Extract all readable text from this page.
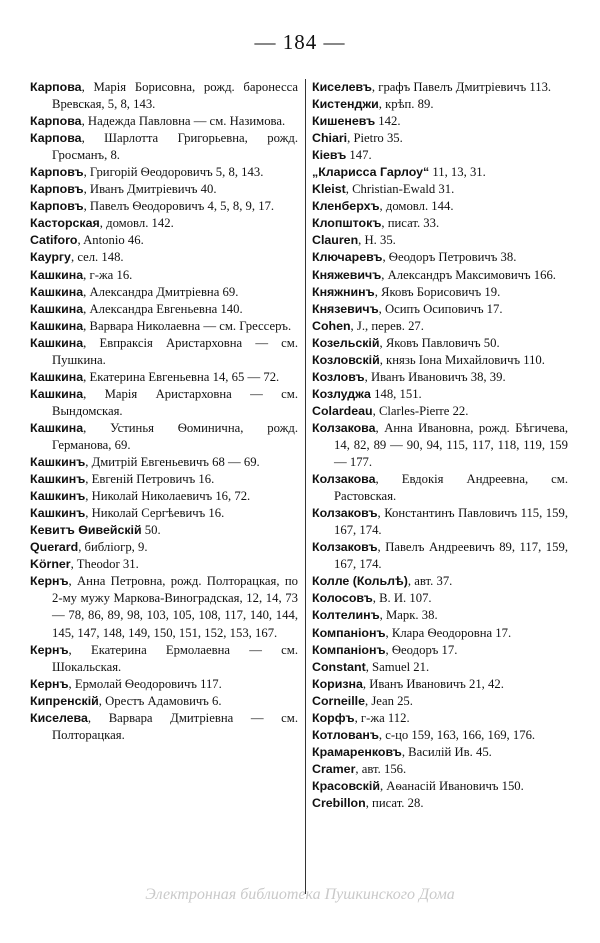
— 184 —

Карпова, Марія Борисовна, рожд. баронесса Вревская, 5, 8, 143.

Карпова, Надежда Павловна — см. Назимова.

Карпова, Шарлотта Григорьевна, рожд. Гросманъ, 8.

Карповъ, Григорій Ѳеодоровичъ 5, 8, 143.

Карповъ, Иванъ Дмитріевичъ 40.

Карповъ, Павелъ Ѳеодоровичъ 4, 5, 8, 9, 17.

Касторская, домовл. 142.

Catiforo, Antonio 46.

Каургу, сел. 148.

Кашкина, г-жа 16.

Кашкина, Александра Дмитріевна 69.

Кашкина, Александра Евгеньевна 140.

Кашкина, Варвара Николаевна — см. Грессеръ.

Кашкина, Евпраксія Аристарховна — см. Пушкина.

Кашкина, Екатерина Евгеньевна 14, 65 — 72.

Кашкина, Марія Аристарховна — см. Вындомская.

Кашкина, Устинья Ѳоминична, рожд. Германова, 69.

Кашкинъ, Дмитрій Евгеньевичъ 68 — 69.

Кашкинъ, Евгеній Петровичъ 16.

Кашкинъ, Николай Николаевичъ 16, 72.

Кашкинъ, Николай Сергѣевичъ 16.

Кевитъ Ѳивейскій 50.

Querard, библіогр, 9.

Körner, Theodor 31.

Кернъ, Анна Петровна, рожд. Полторацкая, по 2-му мужу Маркова-Виноградская, 12, 14, 73 — 78, 86, 89, 98, 103, 105, 108, 117, 140, 144, 145, 147, 148, 149, 150, 151, 152, 153, 167.

Кернъ, Екатерина Ермолаевна — см. Шокальская.

Кернъ, Ермолай Ѳеодоровичъ 117.

Кипренскій, Орестъ Адамовичъ 6.

Киселева, Варвара Дмитріевна — см. Полторацкая.

Киселевъ, графъ Павелъ Дмитріевичъ 113.

Кистенджи, крѣп. 89.

Кишеневъ 142.

Chiari, Pietro 35.

Кіевъ 147.

„Кларисса Гарлоу“ 11, 13, 31.

Kleist, Christian-Ewald 31.

Кленберхъ, домовл. 144.

Клопштокъ, писат. 33.

Clauren, H. 35.

Ключаревъ, Ѳеодоръ Петровичъ 38.

Княжевичъ, Александръ Максимовичъ 166.

Княжнинъ, Яковъ Борисовичъ 19.

Князевичъ, Осипъ Осиповичъ 17.

Cohen, J., перев. 27.

Козельскій, Яковъ Павловичъ 50.

Козловскій, князь Іона Михайловичъ 110.

Козловъ, Иванъ Ивановичъ 38, 39.

Козлуджа 148, 151.

Colardeau, Clarles-Pierre 22.

Колзакова, Анна Ивановна, рожд. Бѣгичева, 14, 82, 89 — 90, 94, 115, 117, 118, 119, 159 — 177.

Колзакова, Евдокія Андреевна, см. Растовская.

Колзаковъ, Константинъ Павловичъ 115, 159, 167, 174.

Колзаковъ, Павелъ Андреевичъ 89, 117, 159, 167, 174.

Колле (Кольлѣ), авт. 37.

Колосовъ, В. И. 107.

Колтелинъ, Марк. 38.

Компаніонъ, Клара Ѳеодоровна 17.

Компаніонъ, Ѳеодоръ 17.

Constant, Samuel 21.

Коризна, Иванъ Ивановичъ 21, 42.

Corneille, Jean 25.

Корфъ, г-жа 112.

Котлованъ, с-цо 159, 163, 166, 169, 176.

Крамаренковъ, Василій Ив. 45.

Cramer, авт. 156.

Красовскій, Аѳанасій Ивановичъ 150.

Crebillon, писат. 28.

Электронная библиотека Пушкинского Дома
